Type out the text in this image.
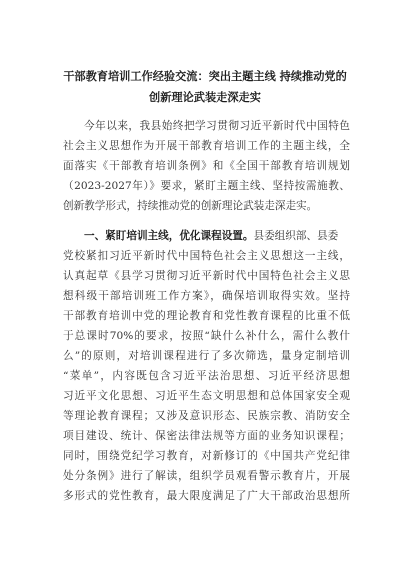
干部教育培训工作经验交流：突出主题主线 持续推动党的
创新理论武装走深走实
今年以来，我县始终把学习贯彻习近平新时代中国特色
社会主义思想作为开展干部教育培训工作的主题主线，全
面落实《干部教育培训条例》和《全国干部教育培训规划
（2023-2027年）》要求，紧盯主题主线、坚持按需施教、
创新教学形式，持续推动党的创新理论武装走深走实。
一、紧盯培训主线，优化课程设置。县委组织部、县委
党校紧扣习近平新时代中国特色社会主义思想这一主线，
认真起草《县学习贯彻习近平新时代中国特色社会主义思
想科级干部培训班工作方案》，确保培训取得实效。坚持
干部教育培训中党的理论教育和党性教育课程的比重不低
于总课时70%的要求，按照“缺什么补什么，需什么教什
么”的原则，对培训课程进行了多次筛选，量身定制培训
“菜单”，内容既包含习近平法治思想、习近平经济思想
习近平文化思想、习近平生态文明思想和总体国家安全观
等理论教育课程；又涉及意识形态、民族宗教、消防安全
项目建设、统计、保密法律法规等方面的业务知识课程；
同时，围绕党纪学习教育，对新修订的《中国共产党纪律
处分条例》进行了解读，组织学员观看警示教育片，开展
多形式的党性教育，最大限度满足了广大干部政治思想所
